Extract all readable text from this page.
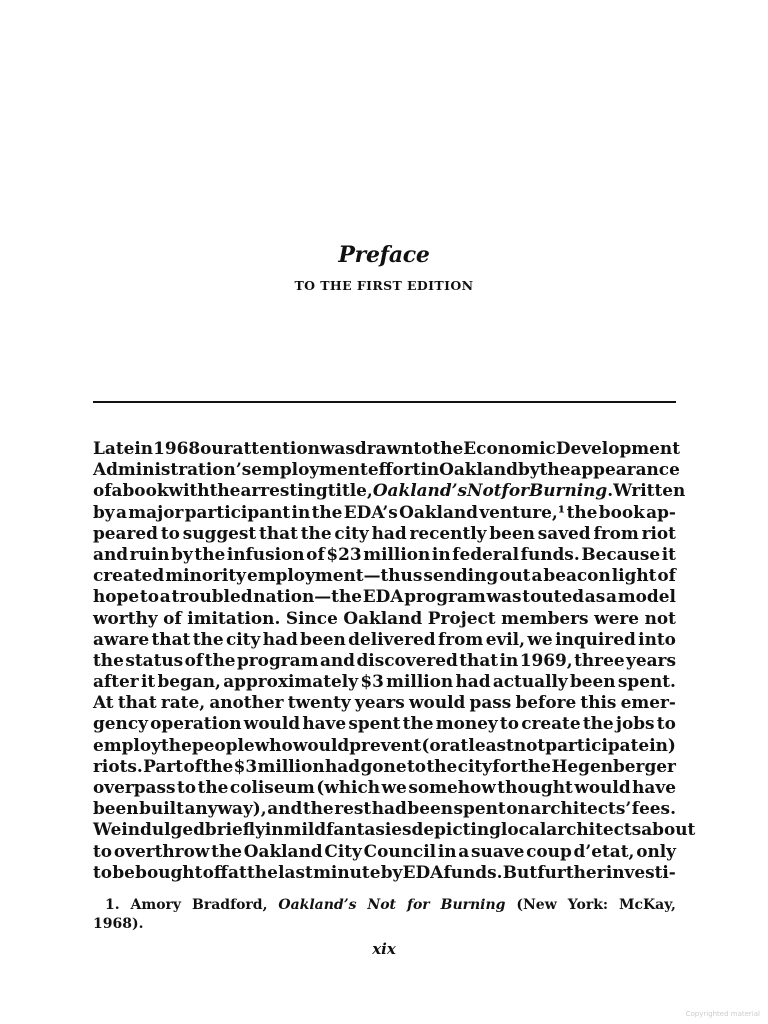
Preface
TO THE FIRST EDITION
Late in 1968 our attention was drawn to the Economic Development
Administration’s employment effort in Oakland by the appearance
of a book with the arresting title, Oakland’s Not for Burning. Written
by a major participant in the EDA’s Oakland venture,¹ the book ap-
peared to suggest that the city had recently been saved from riot
and ruin by the infusion of $23 million in federal funds. Because it
created minority employment—thus sending out a beacon light of
hope to a troubled nation—the EDA program was touted as a model
worthy of imitation. Since Oakland Project members were not
aware that the city had been delivered from evil, we inquired into
the status of the program and discovered that in 1969, three years
after it began, approximately $3 million had actually been spent.
At that rate, another twenty years would pass before this emer-
gency operation would have spent the money to create the jobs to
employ the people who would prevent (or at least not participate in)
riots. Part of the $3 million had gone to the city for the Hegenberger
overpass to the coliseum (which we somehow thought would have
been built anyway), and the rest had been spent on architects’ fees.
We indulged briefly in mild fantasies depicting local architects about
to overthrow the Oakland City Council in a suave coup d’etat, only
to be bought off at the last minute by EDA funds. But further investi-
1. Amory Bradford, Oakland’s Not for Burning (New York: McKay,
1968).
xix
Copyrighted material
